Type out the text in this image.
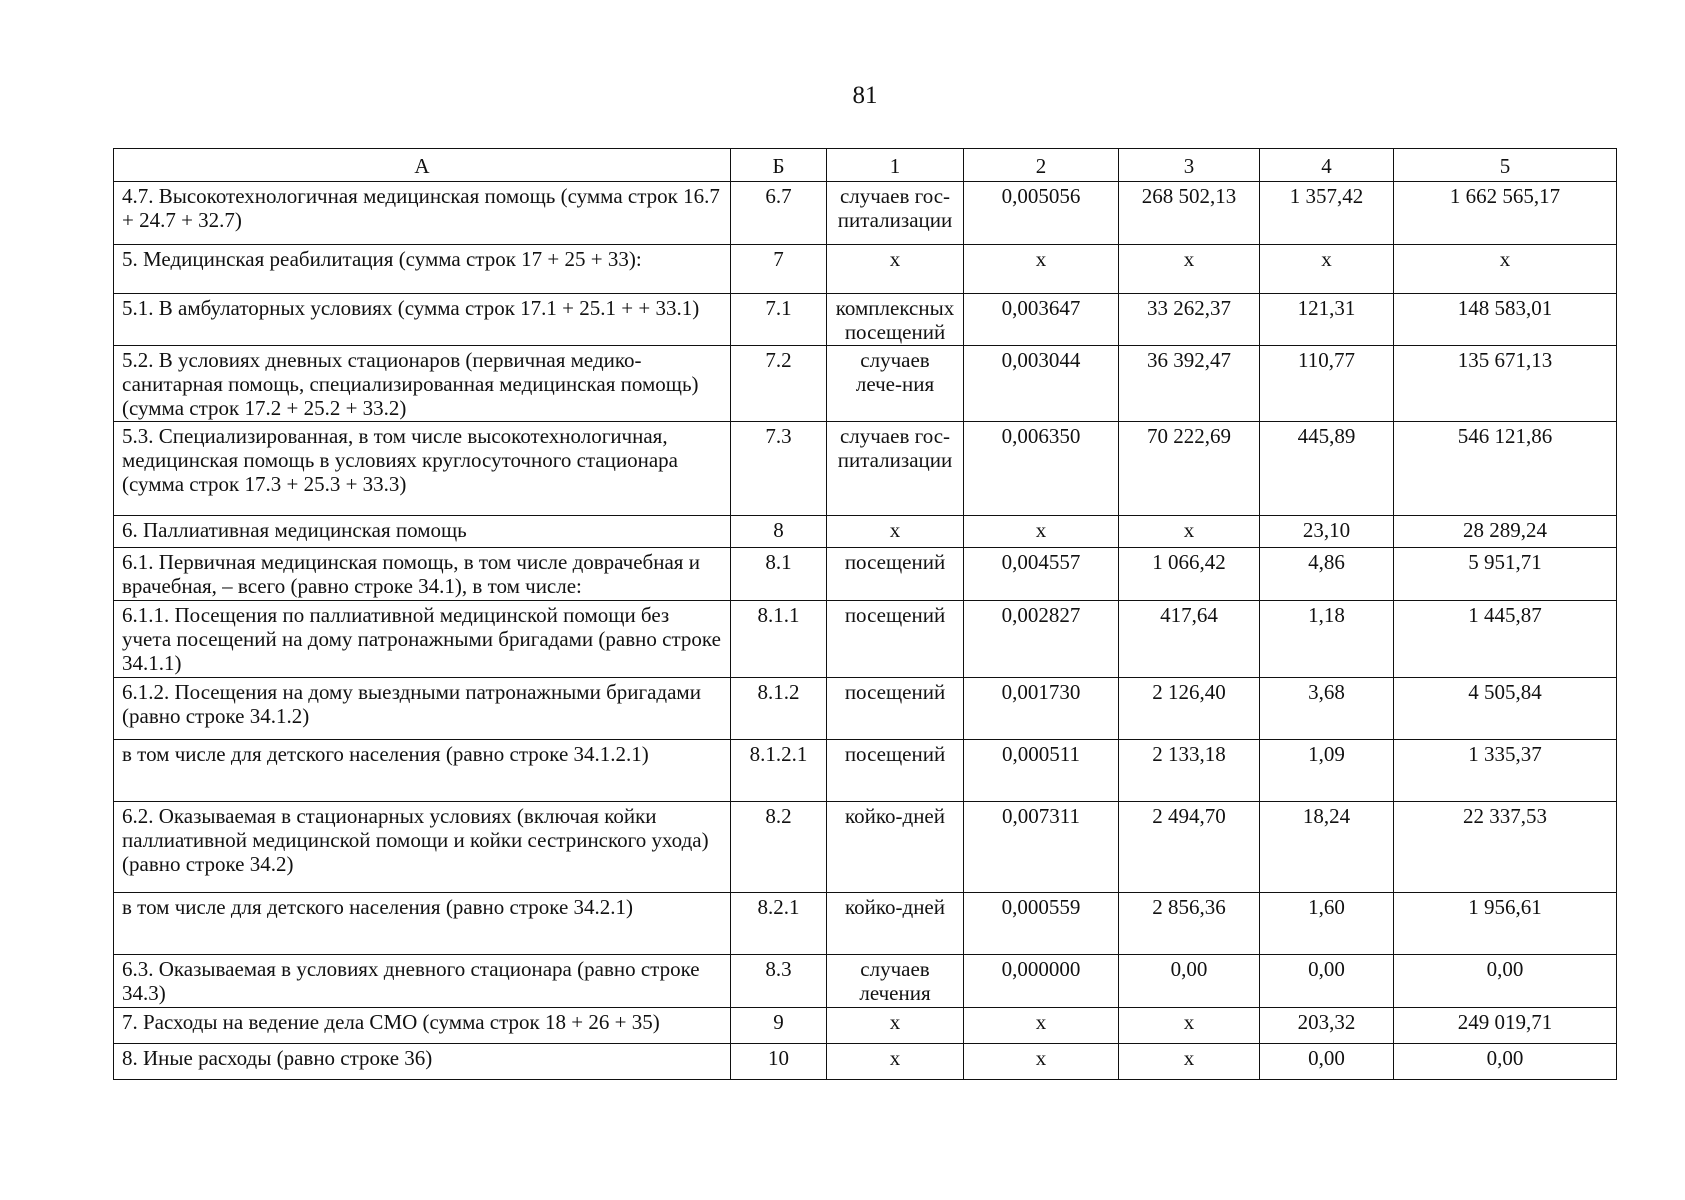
81
А	Б	1	2	3	4	5
4.7. Высокотехнологичная медицинская помощь (сумма строк 16.7 + 24.7 + 32.7)	6.7	случаев гос-питализации	0,005056	268 502,13	1 357,42	1 662 565,17
5. Медицинская реабилитация (сумма строк 17 + 25 + 33):	7	х	х	х	х	х
5.1. В амбулаторных условиях (сумма строк 17.1 + 25.1 + + 33.1)	7.1	комплексных посещений	0,003647	33 262,37	121,31	148 583,01
5.2. В условиях дневных стационаров (первичная медико-санитарная помощь, специализированная медицинская помощь) (сумма строк 17.2 + 25.2 + 33.2)	7.2	случаев лече-ния	0,003044	36 392,47	110,77	135 671,13
5.3. Специализированная, в том числе высокотехнологичная, медицинская помощь в условиях круглосуточного стационара (сумма строк 17.3 + 25.3 + 33.3)	7.3	случаев гос-питализации	0,006350	70 222,69	445,89	546 121,86
6. Паллиативная медицинская помощь	8	х	х	х	23,10	28 289,24
6.1. Первичная медицинская помощь, в том числе доврачебная и врачебная, – всего (равно строке 34.1), в том числе:	8.1	посещений	0,004557	1 066,42	4,86	5 951,71
6.1.1. Посещения по паллиативной медицинской помощи без учета посещений на дому патронажными бригадами (равно строке 34.1.1)	8.1.1	посещений	0,002827	417,64	1,18	1 445,87
6.1.2. Посещения на дому выездными патронажными бригадами (равно строке 34.1.2)	8.1.2	посещений	0,001730	2 126,40	3,68	4 505,84
в том числе для детского населения (равно строке 34.1.2.1)	8.1.2.1	посещений	0,000511	2 133,18	1,09	1 335,37
6.2. Оказываемая в стационарных условиях (включая койки паллиативной медицинской помощи и койки сестринского ухода) (равно строке 34.2)	8.2	койко-дней	0,007311	2 494,70	18,24	22 337,53
в том числе для детского населения (равно строке 34.2.1)	8.2.1	койко-дней	0,000559	2 856,36	1,60	1 956,61
6.3. Оказываемая в условиях дневного стационара (равно строке 34.3)	8.3	случаев лечения	0,000000	0,00	0,00	0,00
7. Расходы на ведение дела СМО (сумма строк 18 + 26 + 35)	9	х	х	х	203,32	249 019,71
8. Иные расходы (равно строке 36)	10	х	х	х	0,00	0,00
